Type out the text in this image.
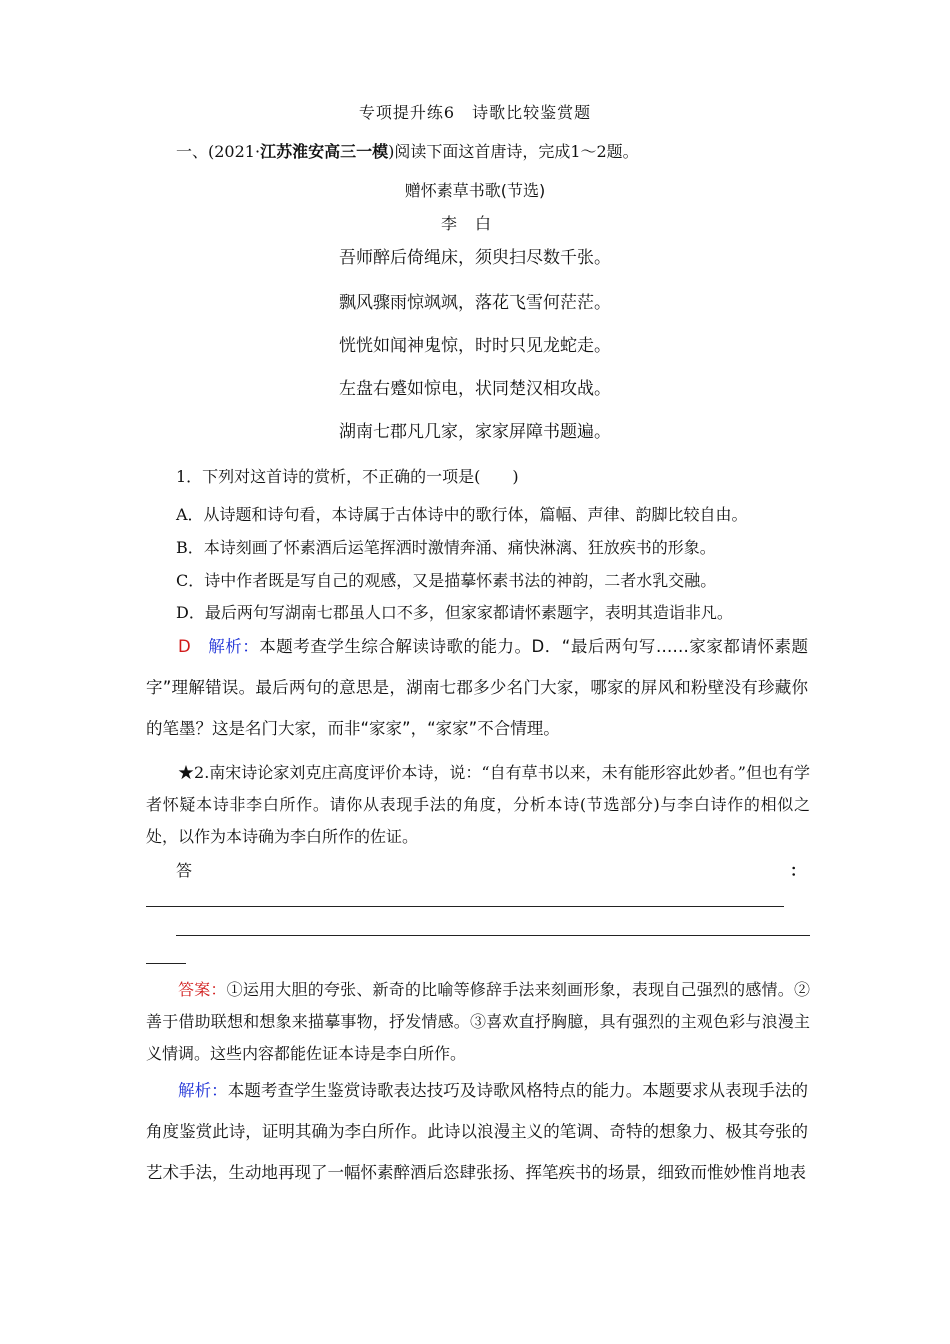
专项提升练6　诗歌比较鉴赏题
一、(2021·江苏淮安高三一模)阅读下面这首唐诗，完成1～2题。
赠怀素草书歌(节选)
李白
吾师醉后倚绳床，须臾扫尽数千张。
飘风骤雨惊飒飒，落花飞雪何茫茫。
恍恍如闻神鬼惊，时时只见龙蛇走。
左盘右蹙如惊电，状同楚汉相攻战。
湖南七郡凡几家，家家屏障书题遍。
1．下列对这首诗的赏析，不正确的一项是(　　)
A．从诗题和诗句看，本诗属于古体诗中的歌行体，篇幅、声律、韵脚比较自由。
B．本诗刻画了怀素酒后运笔挥洒时激情奔涌、痛快淋漓、狂放疾书的形象。
C．诗中作者既是写自己的观感，又是描摹怀素书法的神韵，二者水乳交融。
D．最后两句写湖南七郡虽人口不多，但家家都请怀素题字，表明其造诣非凡。
D　 解析：本题考查学生综合解读诗歌的能力。D．“最后两句写……家家都请怀素题字”理解错误。最后两句的意思是，湖南七郡多少名门大家，哪家的屏风和粉壁没有珍藏你的笔墨？这是名门大家，而非“家家”，“家家”不合情理。
★2.南宋诗论家刘克庄高度评价本诗，说：“自有草书以来，未有能形容此妙者。”但也有学者怀疑本诗非李白所作。请你从表现手法的角度，分析本诗(节选部分)与李白诗作的相似之处，以作为本诗确为李白所作的佐证。
答	：
答案：①运用大胆的夸张、新奇的比喻等修辞手法来刻画形象，表现自己强烈的感情。②善于借助联想和想象来描摹事物，抒发情感。③喜欢直抒胸臆，具有强烈的主观色彩与浪漫主义情调。这些内容都能佐证本诗是李白所作。
解析：本题考查学生鉴赏诗歌表达技巧及诗歌风格特点的能力。本题要求从表现手法的角度鉴赏此诗，证明其确为李白所作。此诗以浪漫主义的笔调、奇特的想象力、极其夸张的艺术手法，生动地再现了一幅怀素醉酒后恣肆张扬、挥笔疾书的场景，细致而惟妙惟肖地表
